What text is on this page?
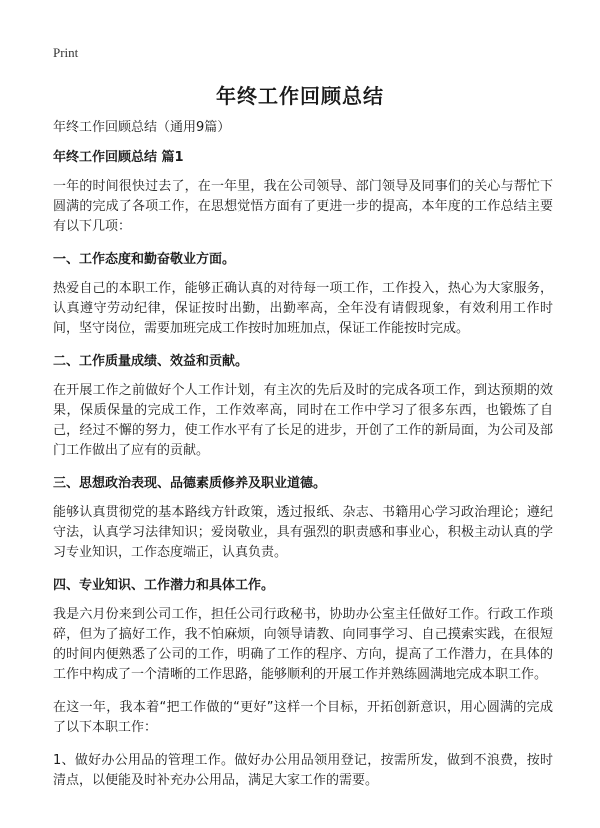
Print
年终工作回顾总结

年终工作回顾总结（通用9篇）

年终工作回顾总结 篇1

一年的时间很快过去了，在一年里，我在公司领导、部门领导及同事们的关心与帮忙下圆满的完成了各项工作，在思想觉悟方面有了更进一步的提高，本年度的工作总结主要有以下几项：

一、工作态度和勤奋敬业方面。

热爱自己的本职工作，能够正确认真的对待每一项工作，工作投入，热心为大家服务，认真遵守劳动纪律，保证按时出勤，出勤率高，全年没有请假现象，有效利用工作时间，坚守岗位，需要加班完成工作按时加班加点，保证工作能按时完成。

二、工作质量成绩、效益和贡献。

在开展工作之前做好个人工作计划，有主次的先后及时的完成各项工作，到达预期的效果，保质保量的完成工作，工作效率高，同时在工作中学习了很多东西，也锻炼了自己，经过不懈的努力，使工作水平有了长足的进步，开创了工作的新局面，为公司及部门工作做出了应有的贡献。

三、思想政治表现、品德素质修养及职业道德。

能够认真贯彻党的基本路线方针政策，透过报纸、杂志、书籍用心学习政治理论；遵纪守法，认真学习法律知识；爱岗敬业，具有强烈的职责感和事业心，积极主动认真的学习专业知识，工作态度端正，认真负责。

四、专业知识、工作潜力和具体工作。

我是六月份来到公司工作，担任公司行政秘书，协助办公室主任做好工作。行政工作琐碎，但为了搞好工作，我不怕麻烦，向领导请教、向同事学习、自己摸索实践，在很短的时间内便熟悉了公司的工作，明确了工作的程序、方向，提高了工作潜力，在具体的工作中构成了一个清晰的工作思路，能够顺利的开展工作并熟练圆满地完成本职工作。

在这一年，我本着“把工作做的“更好”这样一个目标，开拓创新意识，用心圆满的完成了以下本职工作：

1、做好办公用品的管理工作。做好办公用品领用登记，按需所发，做到不浪费，按时清点，以便能及时补充办公用品，满足大家工作的需要。
